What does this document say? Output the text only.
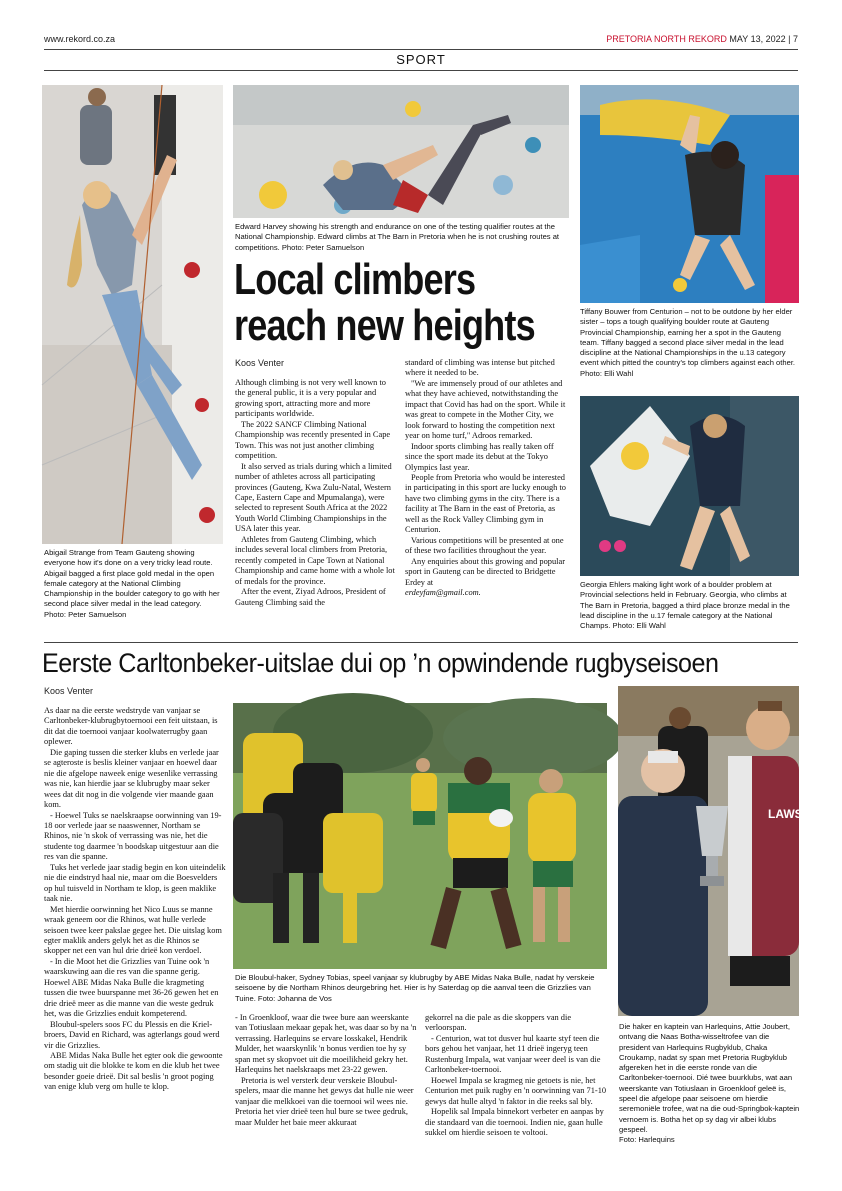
www.rekord.co.za	PRETORIA NORTH REKORD MAY 13, 2022 | 7
SPORT
Abigail Strange from Team Gauteng showing everyone how it's done on a very tricky lead route. Abigail bagged a first place gold medal in the open female category at the National Climbing Championship in the boulder category to go with her second place silver medal in the lead category.
Photo: Peter Samuelson
Edward Harvey showing his strength and endurance on one of the testing qualifier routes at the National Championship. Edward climbs at The Barn in Pretoria when he is not crushing routes at competitions. Photo: Peter Samuelson
Tiffany Bouwer from Centurion – not to be outdone by her elder sister – tops a tough qualifying boulder route at Gauteng Provincial Championship, earning her a spot in the Gauteng team. Tiffany bagged a second place silver medal in the lead discipline at the National Championships in the u.13 category event which pitted the country's top climbers against each other.
Photo: Elli Wahl
Georgia Ehlers making light work of a boulder problem at Provincial selections held in February. Georgia, who climbs at The Barn in Pretoria, bagged a third place bronze medal in the lead discipline in the u.17 female category at the National Champs. Photo: Elli Wahl
Local climbers
reach new heights
Koos Venter

Although climbing is not very well known to the general public, it is a very popular and growing sport, attracting more and more participants worldwide.

The 2022 SANCF Climbing National Championship was recently presented in Cape Town. This was not just another climbing competition.

It also served as trials during which a limited number of athletes across all participating provinces (Gauteng, Kwa Zulu-Natal, Western Cape, Eastern Cape and Mpumalanga), were selected to represent South Africa at the 2022 Youth World Climbing Championships in the USA later this year.

Athletes from Gauteng Climbing, which includes several local climbers from Pretoria, recently competed in Cape Town at National Championship and came home with a whole lot of medals for the province.

After the event, Ziyad Adroos, President of Gauteng Climbing said the

standard of climbing was intense but pitched where it needed to be.

"We are immensely proud of our athletes and what they have achieved, notwithstanding the impact that Covid has had on the sport. While it was great to compete in the Mother City, we look forward to hosting the competition next year on home turf," Adroos remarked.

Indoor sports climbing has really taken off since the sport made its debut at the Tokyo Olympics last year.

People from Pretoria who would be interested in participating in this sport are lucky enough to have two climbing gyms in the city. There is a facility at The Barn in the east of Pretoria, as well as the Rock Valley Climbing gym in Centurion.

Various competitions will be presented at one of these two facilities throughout the year.

Any enquiries about this growing and popular sport in Gauteng can be directed to Bridgette Erdey at

erdeyfam@gmail.com.

Eerste Carltonbeker-uitslae dui op ’n opwindende rugbyseisoen
Koos Venter

As daar na die eerste wedstryde van vanjaar se Carltonbeker-klubrugbytoernooi een feit uitstaan, is dit dat die toernooi vanjaar koolwaterrugby gaan oplewer.

Die gaping tussen die sterker klubs en verlede jaar se agteroste is beslis kleiner vanjaar en hoewel daar nie die afgelope naweek enige wesenlike verrassing was nie, kan hierdie jaar se klubrugby maar seker wees dat dit nog in die volgende vier maande gaan kom.

- Hoewel Tuks se naelskraapse oorwinning van 19-18 oor verlede jaar se naaswenner, Northam se Rhinos, nie 'n skok of verrassing was nie, het die studente tog daarmee 'n boodskap uitgestuur aan die res van die spanne.

Tuks het verlede jaar stadig begin en kon uiteindelik nie die eindstryd haal nie, maar om die Boesvelders op hul tuisveld in Northam te klop, is geen maklike taak nie.

Met hierdie oorwinning het Nico Luus se manne wraak geneem oor die Rhinos, wat hulle verlede seisoen twee keer pakslae gegee het. Die uitslag kom egter maklik anders gelyk het as die Rhinos se skopper net een van hul drie drieë kon verdoel.

- In die Moot het die Grizzlies van Tuine ook 'n waarskuwing aan die res van die spanne gerig. Hoewel ABE Midas Naka Bulle die kragmeting tussen die twee buurspanne met 36-26 gewen het en drie drieë meer as die manne van die weste gedruk het, was die Grizzlies enduit kompeterend.

Bloubul-spelers soos FC du Plessis en die Kriel-broers, David en Richard, was agterlangs goud werd vir die Grizzlies.

ABE Midas Naka Bulle het egter ook die gewoonte om stadig uit die blokke te kom en die klub het twee besonder goeie drieë. Dit sal beslis 'n groot poging van enige klub verg om hulle te klop.

Die Bloubul-haker, Sydney Tobias, speel vanjaar sy klubrugby by ABE Midas Naka Bulle, nadat hy verskeie seisoene by die Northam Rhinos deurgebring het. Hier is hy Saterdag op die aanval teen die Grizzlies van Tuine. Foto: Johanna de Vos

- In Groenkloof, waar die twee bure aan weerskante van Totiuslaan mekaar gepak het, was daar so by na 'n verrassing. Harlequins se ervare losskakel, Hendrik Mulder, het waarskynlik 'n bonus verdien toe hy sy span met sy skopvoet uit die moeilikheid gekry het. Harlequins het naelskraaps met 23-22 gewen.

Pretoria is wel versterk deur verskeie Bloubul-spelers, maar die manne het gewys dat hulle nie weer vanjaar die melkkoei van die toernooi wil wees nie. Pretoria het vier drieë teen hul bure se twee gedruk, maar Mulder het baie meer akkuraat

gekorrel na die pale as die skoppers van die verloorspan.

- Centurion, wat tot dusver hul kaarte styf teen die bors gehou het vanjaar, het 11 drieë ingeryg teen Rustenburg Impala, wat vanjaar weer deel is van die Carltonbeker-toernooi.

Hoewel Impala se kragmeg nie getoets is nie, het Centurion met puik rugby en 'n oorwinning van 71-10 gewys dat hulle altyd 'n faktor in die reeks sal bly.

Hopelik sal Impala binnekort verbeter en aanpas by die standaard van die toernooi. Indien nie, gaan hulle sukkel om hierdie seisoen te voltooi.

LAWS
Die haker en kaptein van Harlequins, Attie Joubert, ontvang die Naas Botha-wisseltrofee van die president van Harlequins Rugbyklub, Chaka Croukamp, nadat sy span met Pretoria Rugbyklub afgereken het in die eerste ronde van die Carltonbeker-toernooi. Dié twee buurklubs, wat aan weerskante van Totiuslaan in Groenkloof geleë is, speel die afgelope paar seisoene om hierdie seremoniële trofee, wat na die oud-Springbok-kaptein vernoem is. Botha het op sy dag vir albei klubs gespeel.
Foto: Harlequins
